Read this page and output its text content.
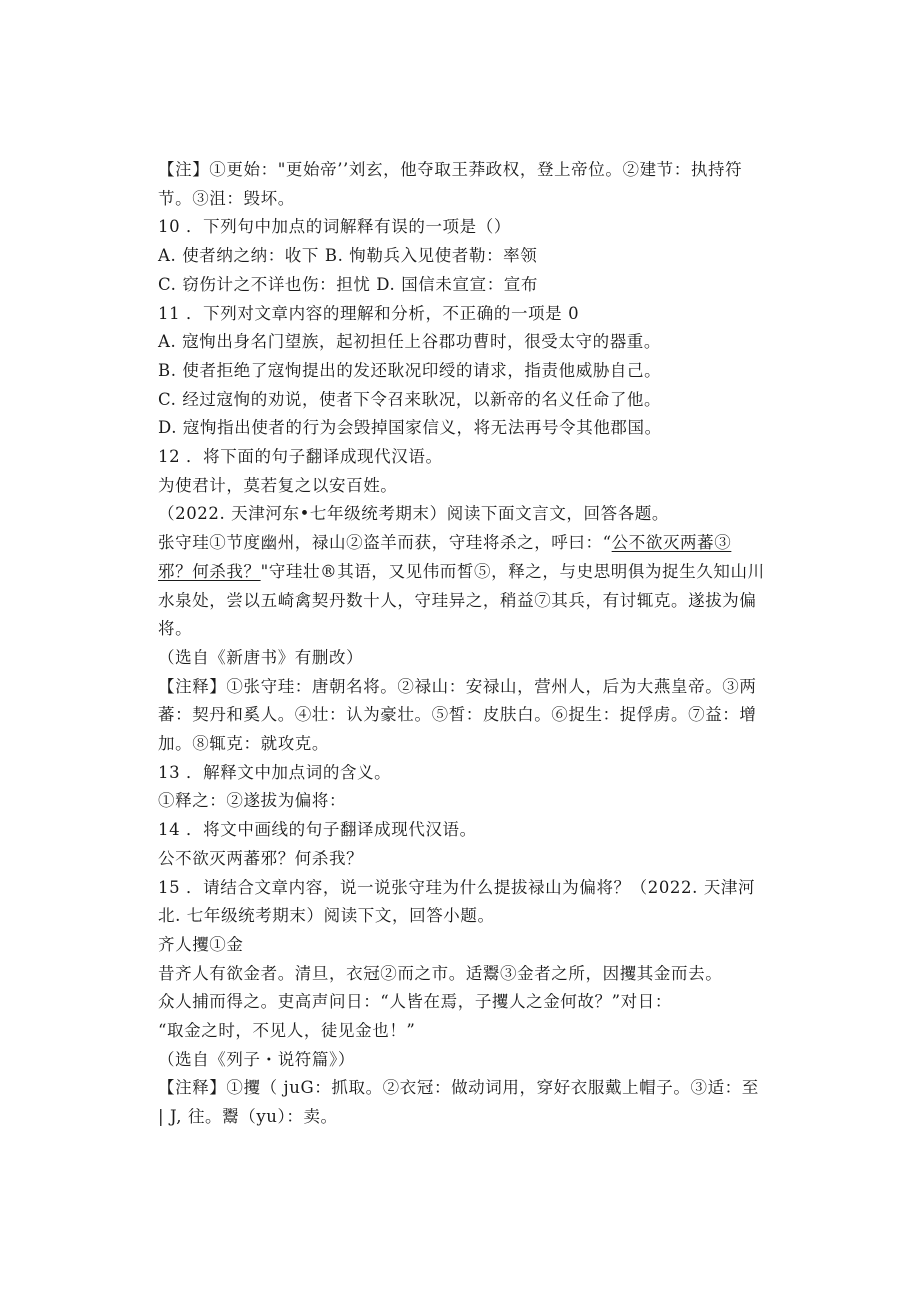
【注】①更始："更始帝’’刘玄，他夺取王莽政权，登上帝位。②建节：执持符
节。③沮：毁坏。
10 ．下列句中加点的词解释有误的一项是（）
A. 使者纳之纳：收下 B. 恂勒兵入见使者勒：率领
C. 窃伤计之不详也伤：担忧 D. 国信未宣宣：宣布
11 ．下列对文章内容的理解和分析，不正确的一项是 0
A. 寇恂出身名门望族，起初担任上谷郡功曹时，很受太守的器重。
B. 使者拒绝了寇恂提出的发还耿况印绶的请求，指责他威胁自己。
C. 经过寇恂的劝说，使者下令召来耿况，以新帝的名义任命了他。
D. 寇恂指出使者的行为会毁掉国家信义，将无法再号令其他郡国。
12 ．将下面的句子翻译成现代汉语。
为使君计，莫若复之以安百姓。
（2022. 天津河东•七年级统考期末）阅读下面文言文，回答各题。
张守珪①节度幽州，禄山②盗羊而获，守珪将杀之，呼曰：“公不欲灭两蕃③
邪？何杀我？"守珪壮®其语，又见伟而皙⑤，释之，与史思明俱为捉生久知山川
水泉处，尝以五崎禽契丹数十人，守珪异之，稍益⑦其兵，有讨辄克。遂拔为偏
将。
（选自《新唐书》有删改）
【注释】①张守珪：唐朝名将。②禄山：安禄山，营州人，后为大燕皇帝。③两
蕃：契丹和奚人。④壮：认为豪壮。⑤皙：皮肤白。⑥捉生：捉俘虏。⑦益：增
加。⑧辄克：就攻克。
13 ．解释文中加点词的含义。
①释之：②遂拔为偏将：
14 ．将文中画线的句子翻译成现代汉语。
公不欲灭两蕃邪？何杀我？
15 ．请结合文章内容，说一说张守珪为什么提拔禄山为偏将？（2022. 天津河
北. 七年级统考期末）阅读下文，回答小题。
齐人攫①金
昔齐人有欲金者。清旦，衣冠②而之市。适鬻③金者之所，因攫其金而去。
众人捕而得之。吏高声问日：“人皆在焉，子攫人之金何故？”对日：
“取金之时，不见人，徒见金也！”
（选自《列子・说符篇》）
【注释】①攫（ juG：抓取。②衣冠：做动词用，穿好衣服戴上帽子。③适：至
| J, 往。鬻（yu）：卖。
